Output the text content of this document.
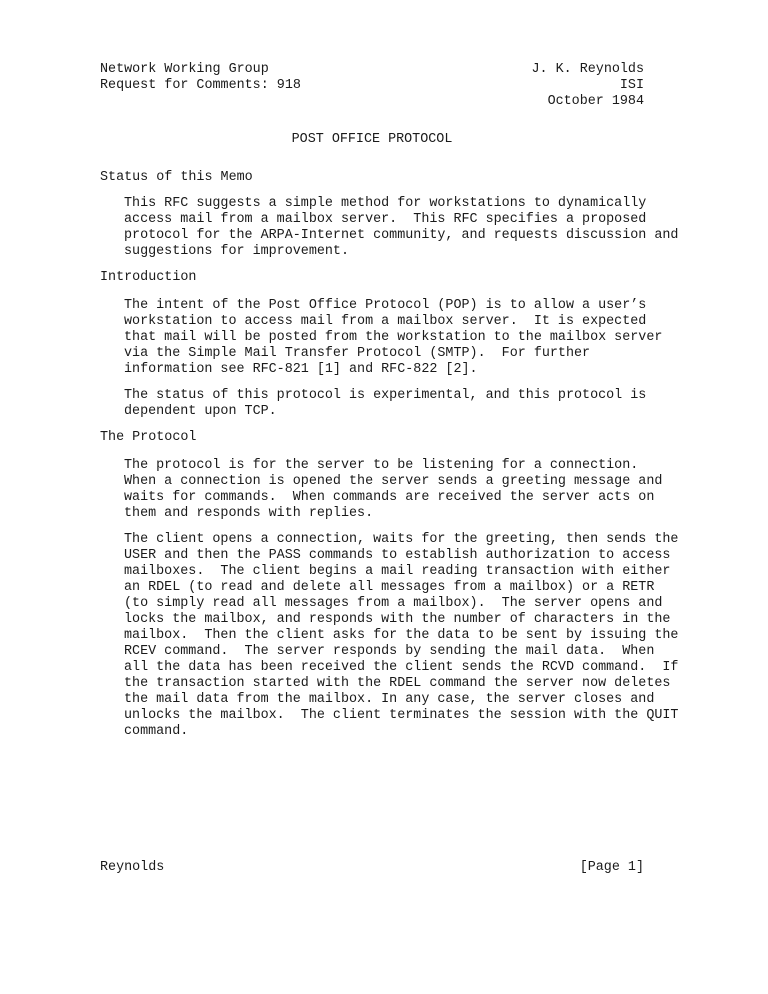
Network Working Group	J. K. Reynolds
Request for Comments: 918	ISI
October 1984
POST OFFICE PROTOCOL
Status of this Memo
This RFC suggests a simple method for workstations to dynamically
access mail from a mailbox server.  This RFC specifies a proposed
protocol for the ARPA-Internet community, and requests discussion and
suggestions for improvement.
Introduction
The intent of the Post Office Protocol (POP) is to allow a user’s
workstation to access mail from a mailbox server.  It is expected
that mail will be posted from the workstation to the mailbox server
via the Simple Mail Transfer Protocol (SMTP).  For further
information see RFC-821 [1] and RFC-822 [2].
The status of this protocol is experimental, and this protocol is
dependent upon TCP.
The Protocol
The protocol is for the server to be listening for a connection.
When a connection is opened the server sends a greeting message and
waits for commands.  When commands are received the server acts on
them and responds with replies.
The client opens a connection, waits for the greeting, then sends the
USER and then the PASS commands to establish authorization to access
mailboxes.  The client begins a mail reading transaction with either
an RDEL (to read and delete all messages from a mailbox) or a RETR
(to simply read all messages from a mailbox).  The server opens and
locks the mailbox, and responds with the number of characters in the
mailbox.  Then the client asks for the data to be sent by issuing the
RCEV command.  The server responds by sending the mail data.  When
all the data has been received the client sends the RCVD command.  If
the transaction started with the RDEL command the server now deletes
the mail data from the mailbox. In any case, the server closes and
unlocks the mailbox.  The client terminates the session with the QUIT
command.
Reynolds	[Page 1]
